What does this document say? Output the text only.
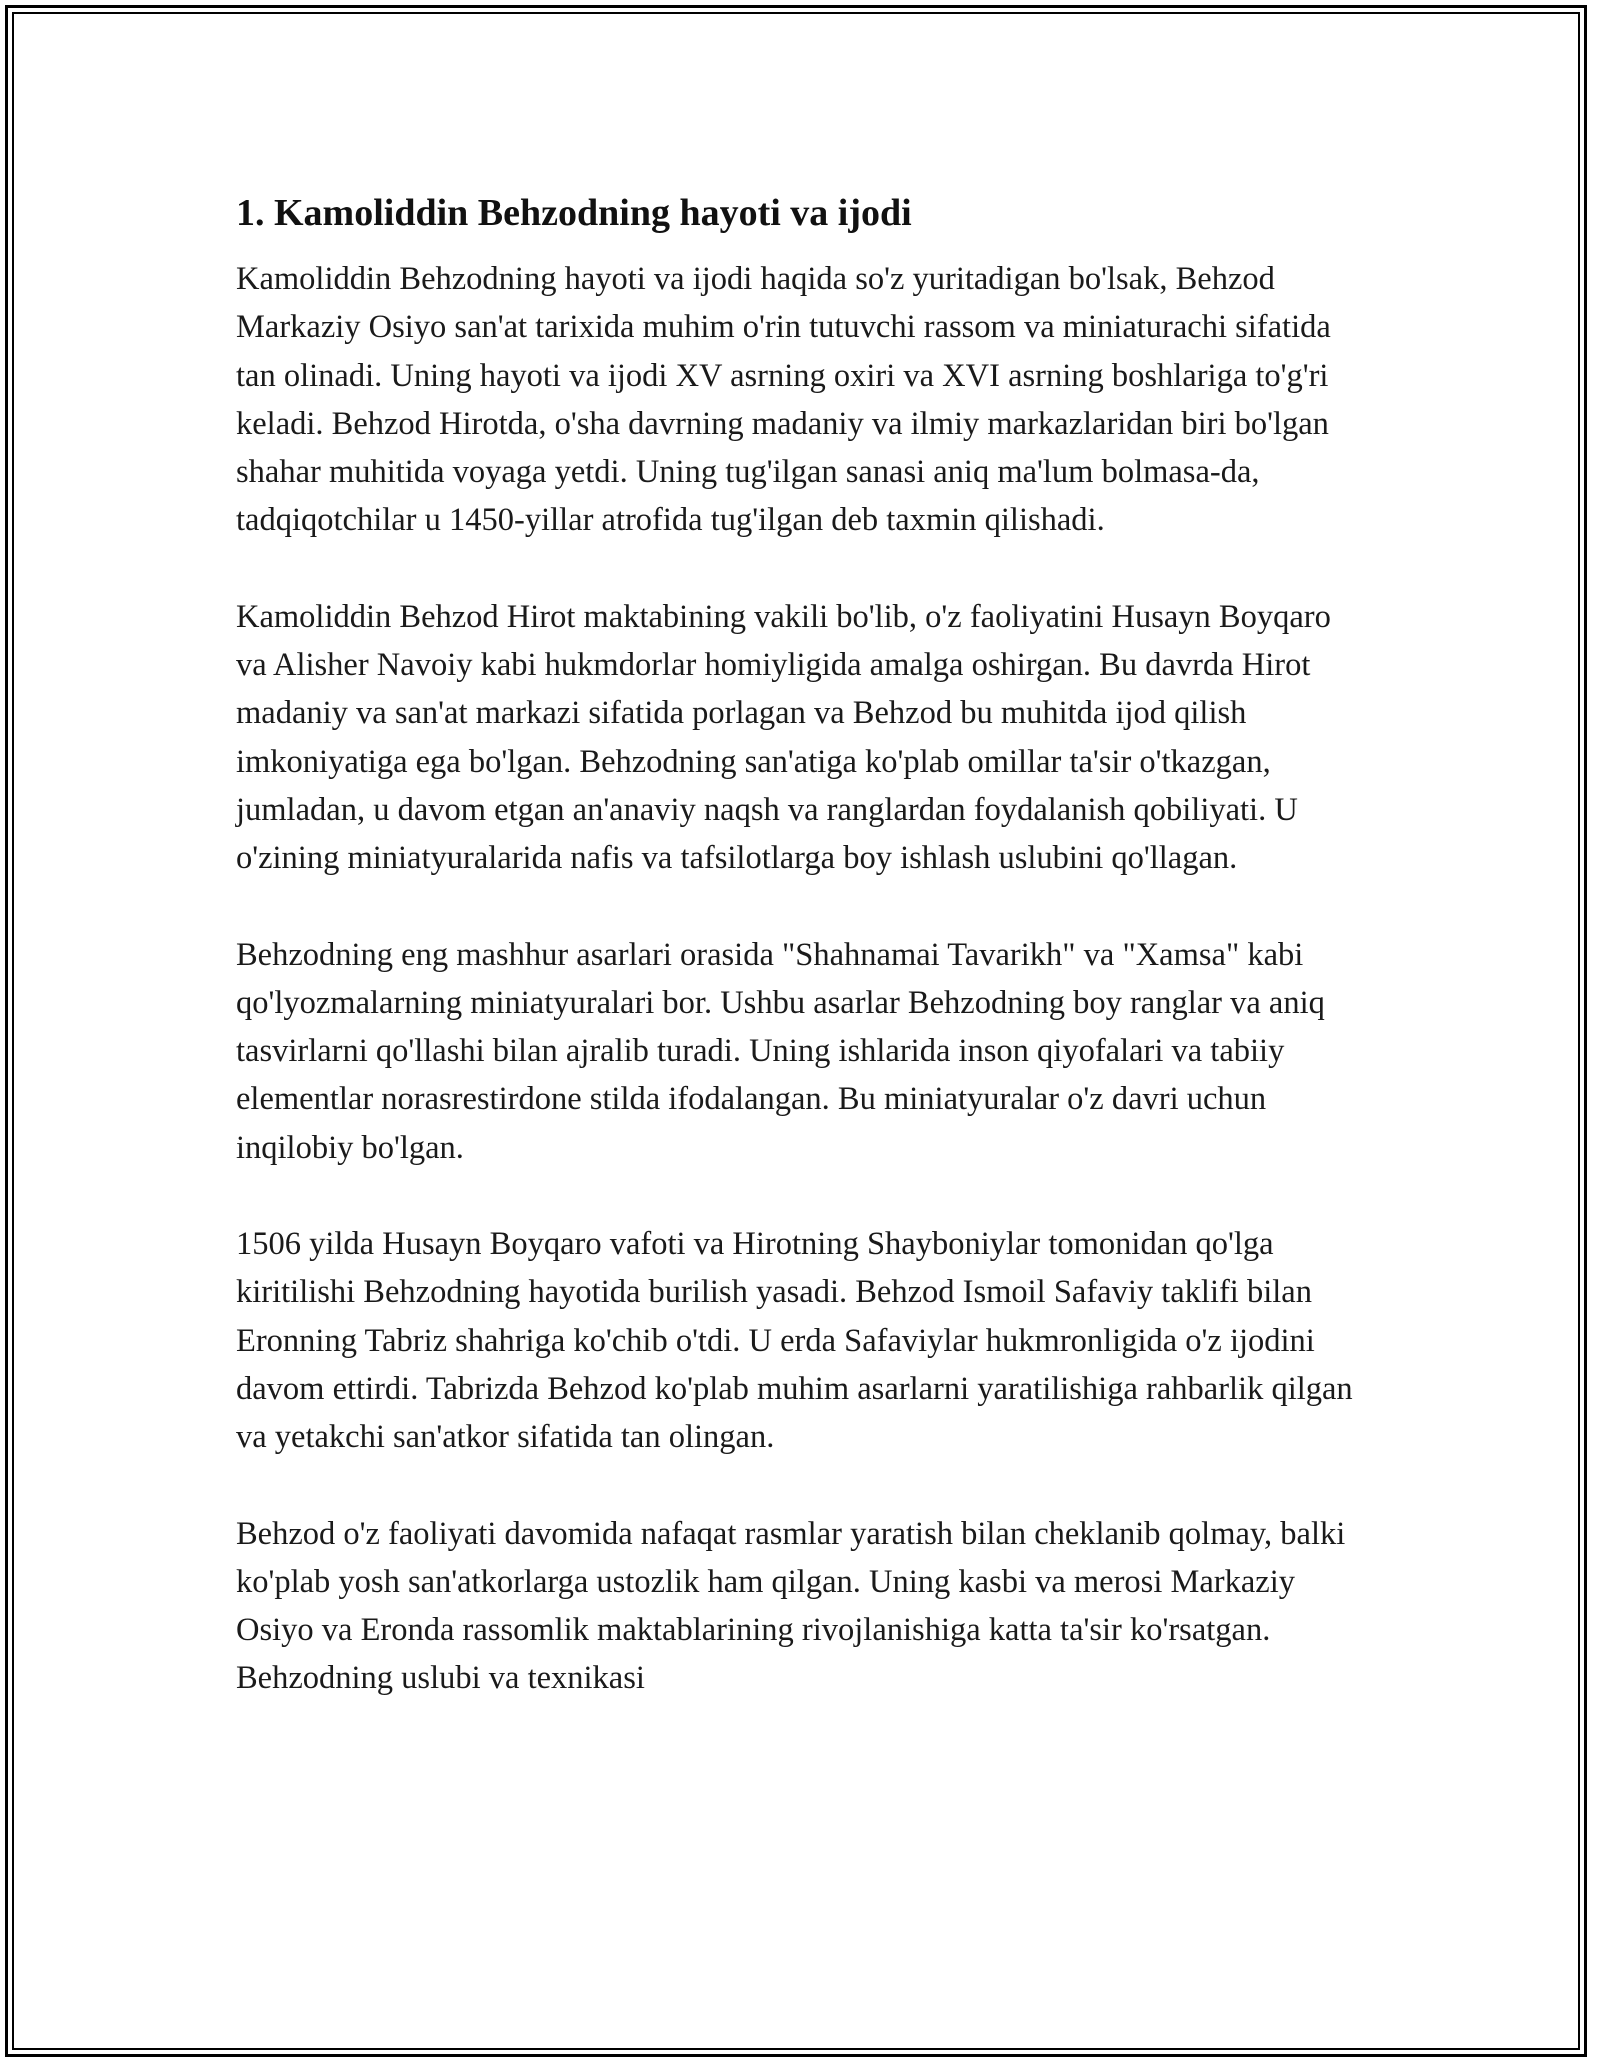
1. Kamoliddin Behzodning hayoti va ijodi

Kamoliddin Behzodning hayoti va ijodi haqida so'z yuritadigan bo'lsak, Behzod Markaziy Osiyo san'at tarixida muhim o'rin tutuvchi rassom va miniaturachi sifatida tan olinadi. Uning hayoti va ijodi XV asrning oxiri va XVI asrning boshlariga to'g'ri keladi. Behzod Hirotda, o'sha davrning madaniy va ilmiy markazlaridan biri bo'lgan shahar muhitida voyaga yetdi. Uning tug'ilgan sanasi aniq ma'lum bolmasa-da, tadqiqotchilar u 1450-yillar atrofida tug'ilgan deb taxmin qilishadi.

Kamoliddin Behzod Hirot maktabining vakili bo'lib, o'z faoliyatini Husayn Boyqaro va Alisher Navoiy kabi hukmdorlar homiyligida amalga oshirgan. Bu davrda Hirot madaniy va san'at markazi sifatida porlagan va Behzod bu muhitda ijod qilish imkoniyatiga ega bo'lgan. Behzodning san'atiga ko'plab omillar ta'sir o'tkazgan, jumladan, u davom etgan an'anaviy naqsh va ranglardan foydalanish qobiliyati. U o'zining miniatyuralarida nafis va tafsilotlarga boy ishlash uslubini qo'llagan.

Behzodning eng mashhur asarlari orasida "Shahnamai Tavarikh" va "Xamsa" kabi qo'lyozmalarning miniatyuralari bor. Ushbu asarlar Behzodning boy ranglar va aniq tasvirlarni qo'llashi bilan ajralib turadi. Uning ishlarida inson qiyofalari va tabiiy elementlar norasrestirdone stilda ifodalangan. Bu miniatyuralar o'z davri uchun inqilobiy bo'lgan.

1506 yilda Husayn Boyqaro vafoti va Hirotning Shayboniylar tomonidan qo'lga kiritilishi Behzodning hayotida burilish yasadi. Behzod Ismoil Safaviy taklifi bilan Eronning Tabriz shahriga ko'chib o'tdi. U erda Safaviylar hukmronligida o'z ijodini davom ettirdi. Tabrizda Behzod ko'plab muhim asarlarni yaratilishiga rahbarlik qilgan va yetakchi san'atkor sifatida tan olingan.

Behzod o'z faoliyati davomida nafaqat rasmlar yaratish bilan cheklanib qolmay, balki ko'plab yosh san'atkorlarga ustozlik ham qilgan. Uning kasbi va merosi Markaziy Osiyo va Eronda rassomlik maktablarining rivojlanishiga katta ta'sir ko'rsatgan. Behzodning uslubi va texnikasi
